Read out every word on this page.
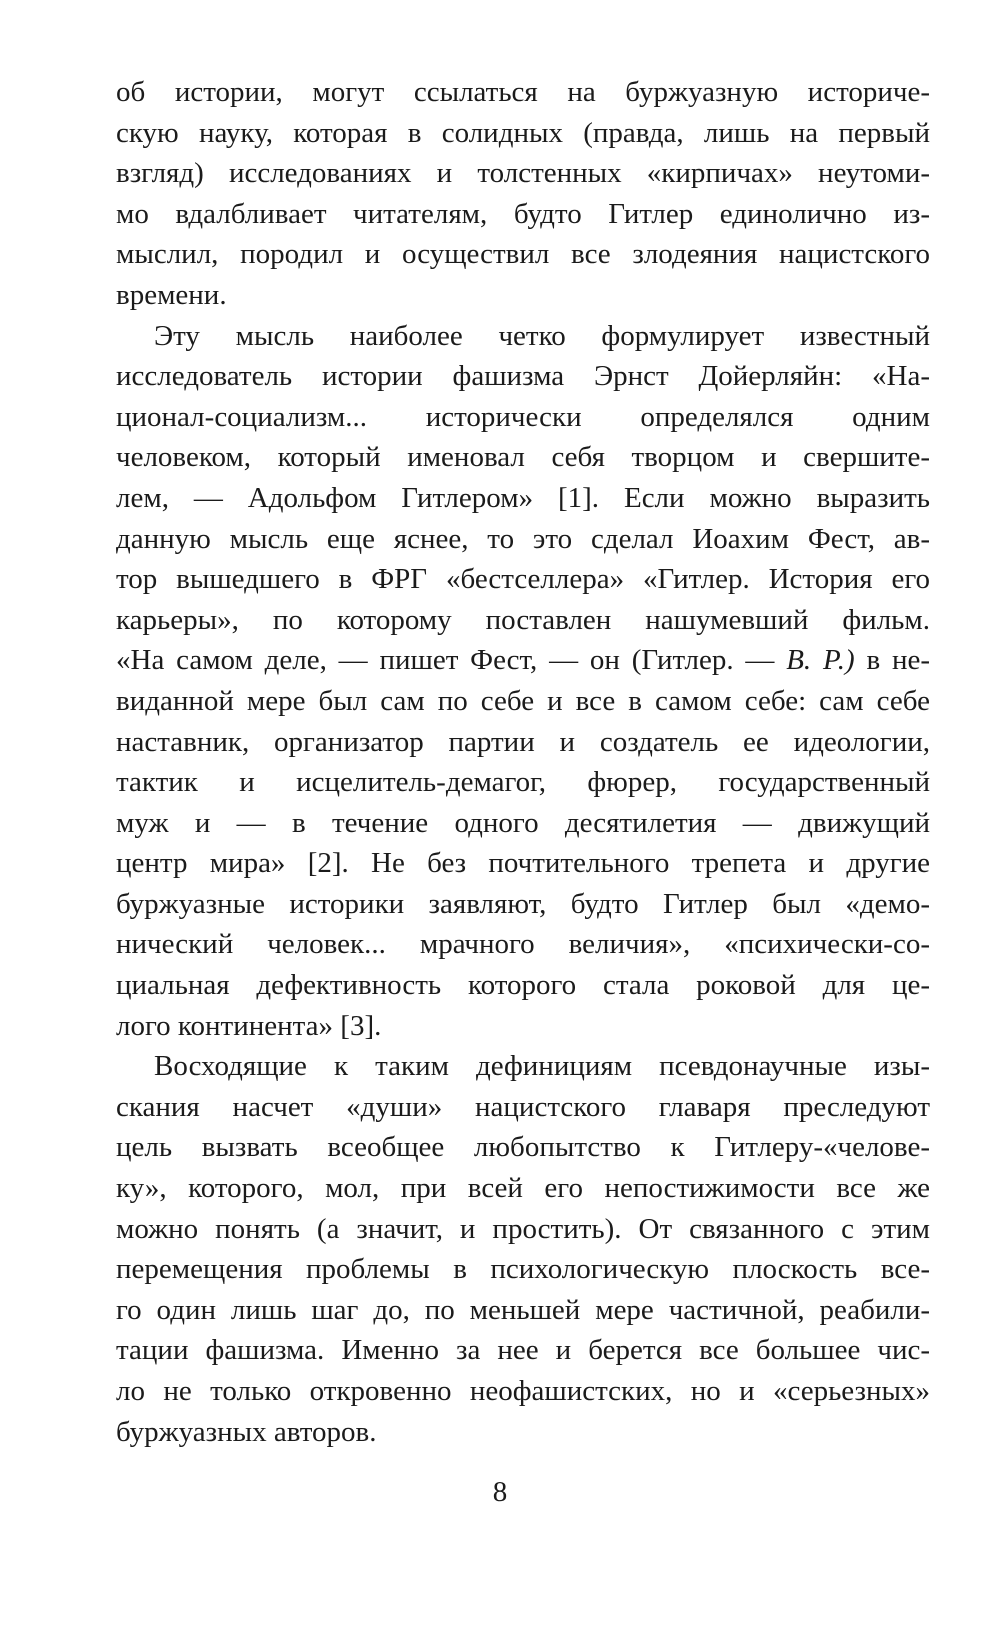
об истории, могут ссылаться на буржуазную историче-
скую науку, которая в солидных (правда, лишь на первый
взгляд) исследованиях и толстенных «кирпичах» неутоми-
мо вдалбливает читателям, будто Гитлер единолично из-
мыслил, породил и осуществил все злодеяния нацистского
времени.
Эту мысль наиболее четко формулирует известный
исследователь истории фашизма Эрнст Дойерляйн: «На-
ционал-социализм... исторически определялся одним
человеком, который именовал себя творцом и свершите-
лем, — Адольфом Гитлером» [1]. Если можно выразить
данную мысль еще яснее, то это сделал Иоахим Фест, ав-
тор вышедшего в ФРГ «бестселлера» «Гитлер. История его
карьеры», по которому поставлен нашумевший фильм.
«На самом деле, — пишет Фест, — он (Гитлер. — В. Р.) в не-
виданной мере был сам по себе и все в самом себе: сам себе
наставник, организатор партии и создатель ее идеологии,
тактик и исцелитель-демагог, фюрер, государственный
муж и — в течение одного десятилетия — движущий
центр мира» [2]. Не без почтительного трепета и другие
буржуазные историки заявляют, будто Гитлер был «демо-
нический человек... мрачного величия», «психически-со-
циальная дефективность которого стала роковой для це-
лого континента» [3].
Восходящие к таким дефинициям псевдонаучные изы-
скания насчет «души» нацистского главаря преследуют
цель вызвать всеобщее любопытство к Гитлеру-«челове-
ку», которого, мол, при всей его непостижимости все же
можно понять (а значит, и простить). От связанного с этим
перемещения проблемы в психологическую плоскость все-
го один лишь шаг до, по меньшей мере частичной, реабили-
тации фашизма. Именно за нее и берется все большее чис-
ло не только откровенно неофашистских, но и «серьезных»
буржуазных авторов.
8
